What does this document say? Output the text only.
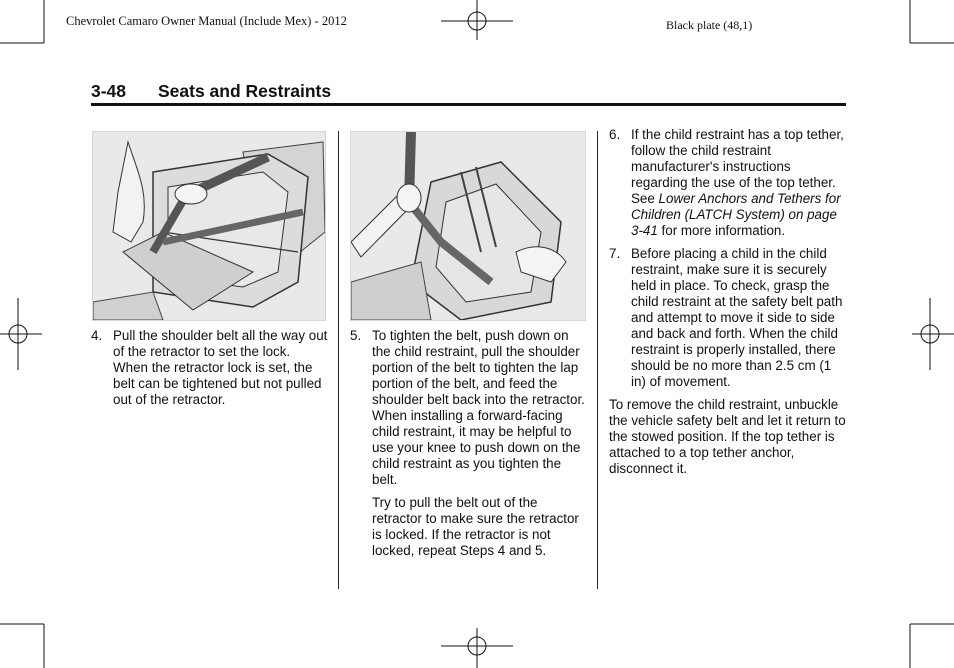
Chevrolet Camaro Owner Manual (Include Mex) - 2012	Black plate (48,1)
3-48 Seats and Restraints
4. Pull the shoulder belt all the way out of the retractor to set the lock. When the retractor lock is set, the belt can be tightened but not pulled out of the retractor.
5. To tighten the belt, push down on the child restraint, pull the shoulder portion of the belt to tighten the lap portion of the belt, and feed the shoulder belt back into the retractor. When installing a forward-facing child restraint, it may be helpful to use your knee to push down on the child restraint as you tighten the belt.
Try to pull the belt out of the retractor to make sure the retractor is locked. If the retractor is not locked, repeat Steps 4 and 5.
6. If the child restraint has a top tether, follow the child restraint manufacturer's instructions regarding the use of the top tether. See Lower Anchors and Tethers for Children (LATCH System) on page 3-41 for more information.
7. Before placing a child in the child restraint, make sure it is securely held in place. To check, grasp the child restraint at the safety belt path and attempt to move it side to side and back and forth. When the child restraint is properly installed, there should be no more than 2.5 cm (1 in) of movement.
To remove the child restraint, unbuckle the vehicle safety belt and let it return to the stowed position. If the top tether is attached to a top tether anchor, disconnect it.
